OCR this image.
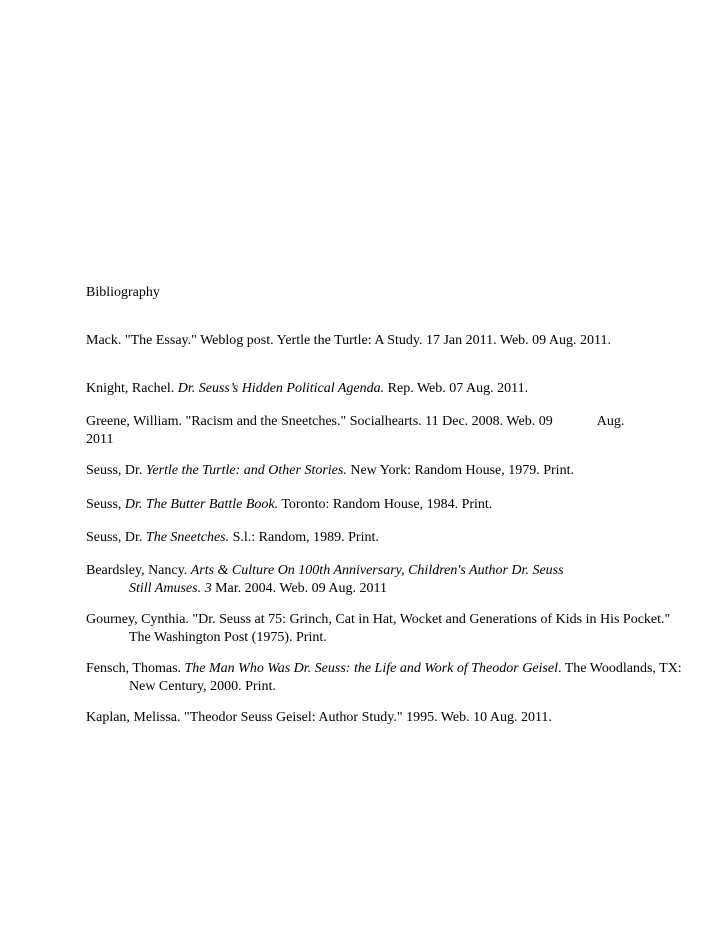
Bibliography
Mack. "The Essay." Weblog post. Yertle the Turtle: A Study. 17 Jan 2011. Web. 09 Aug. 2011.
Knight, Rachel. Dr. Seuss’s Hidden Political Agenda. Rep. Web. 07 Aug. 2011.
Greene, William. "Racism and the Sneetches." Socialhearts. 11 Dec. 2008. Web. 09	Aug.
2011
Seuss, Dr. Yertle the Turtle: and Other Stories. New York: Random House, 1979. Print.
Seuss, Dr. The Butter Battle Book. Toronto: Random House, 1984. Print.
Seuss, Dr. The Sneetches. S.l.: Random, 1989. Print.
Beardsley, Nancy. Arts & Culture On 100th Anniversary, Children's Author Dr. Seuss Still Amuses. 3 Mar. 2004. Web. 09 Aug. 2011
Gourney, Cynthia. "Dr. Seuss at 75: Grinch, Cat in Hat, Wocket and Generations of Kids in His Pocket." The Washington Post (1975). Print.
Fensch, Thomas. The Man Who Was Dr. Seuss: the Life and Work of Theodor Geisel. The Woodlands, TX: New Century, 2000. Print.
Kaplan, Melissa. "Theodor Seuss Geisel: Author Study." 1995. Web. 10 Aug. 2011.
